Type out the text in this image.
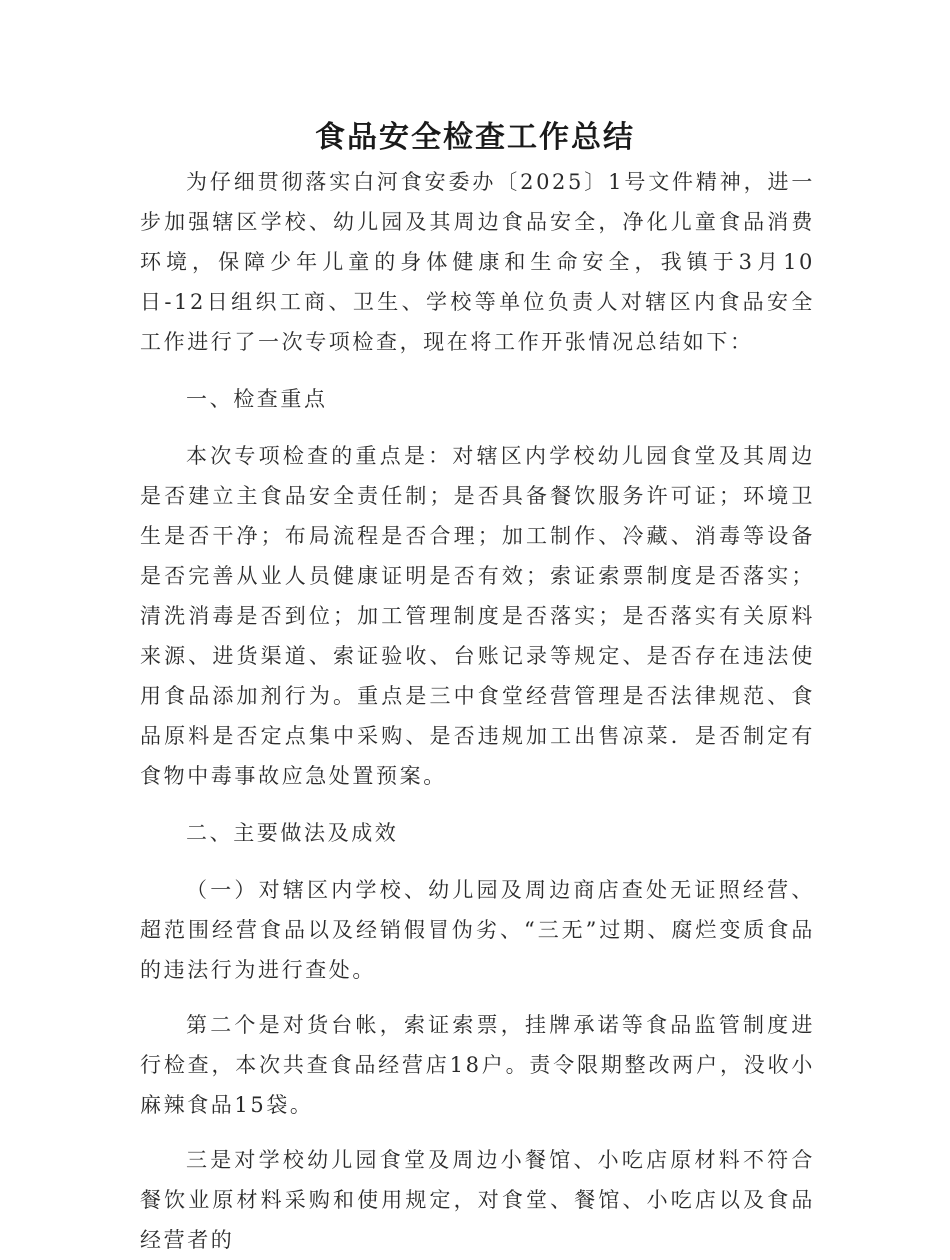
食品安全检查工作总结

为仔细贯彻落实白河食安委办〔2025〕1号文件精神，进一步加强辖区学校、幼儿园及其周边食品安全，净化儿童食品消费环境，保障少年儿童的身体健康和生命安全，我镇于3月10日-12日组织工商、卫生、学校等单位负责人对辖区内食品安全工作进行了一次专项检查，现在将工作开张情况总结如下：

一、检查重点

本次专项检查的重点是：对辖区内学校幼儿园食堂及其周边是否建立主食品安全责任制；是否具备餐饮服务许可证；环境卫生是否干净；布局流程是否合理；加工制作、冷藏、消毒等设备是否完善从业人员健康证明是否有效；索证索票制度是否落实；清洗消毒是否到位；加工管理制度是否落实；是否落实有关原料来源、进货渠道、索证验收、台账记录等规定、是否存在违法使用食品添加剂行为。重点是三中食堂经营管理是否法律规范、食品原料是否定点集中采购、是否违规加工出售凉菜．是否制定有食物中毒事故应急处置预案。

二、主要做法及成效

（一）对辖区内学校、幼儿园及周边商店查处无证照经营、超范围经营食品以及经销假冒伪劣、“三无”过期、腐烂变质食品的违法行为进行查处。

第二个是对货台帐，索证索票，挂牌承诺等食品监管制度进行检查，本次共查食品经营店18户。责令限期整改两户，没收小麻辣食品15袋。

三是对学校幼儿园食堂及周边小餐馆、小吃店原材料不符合餐饮业原材料采购和使用规定，对食堂、餐馆、小吃店以及食品经营者的
